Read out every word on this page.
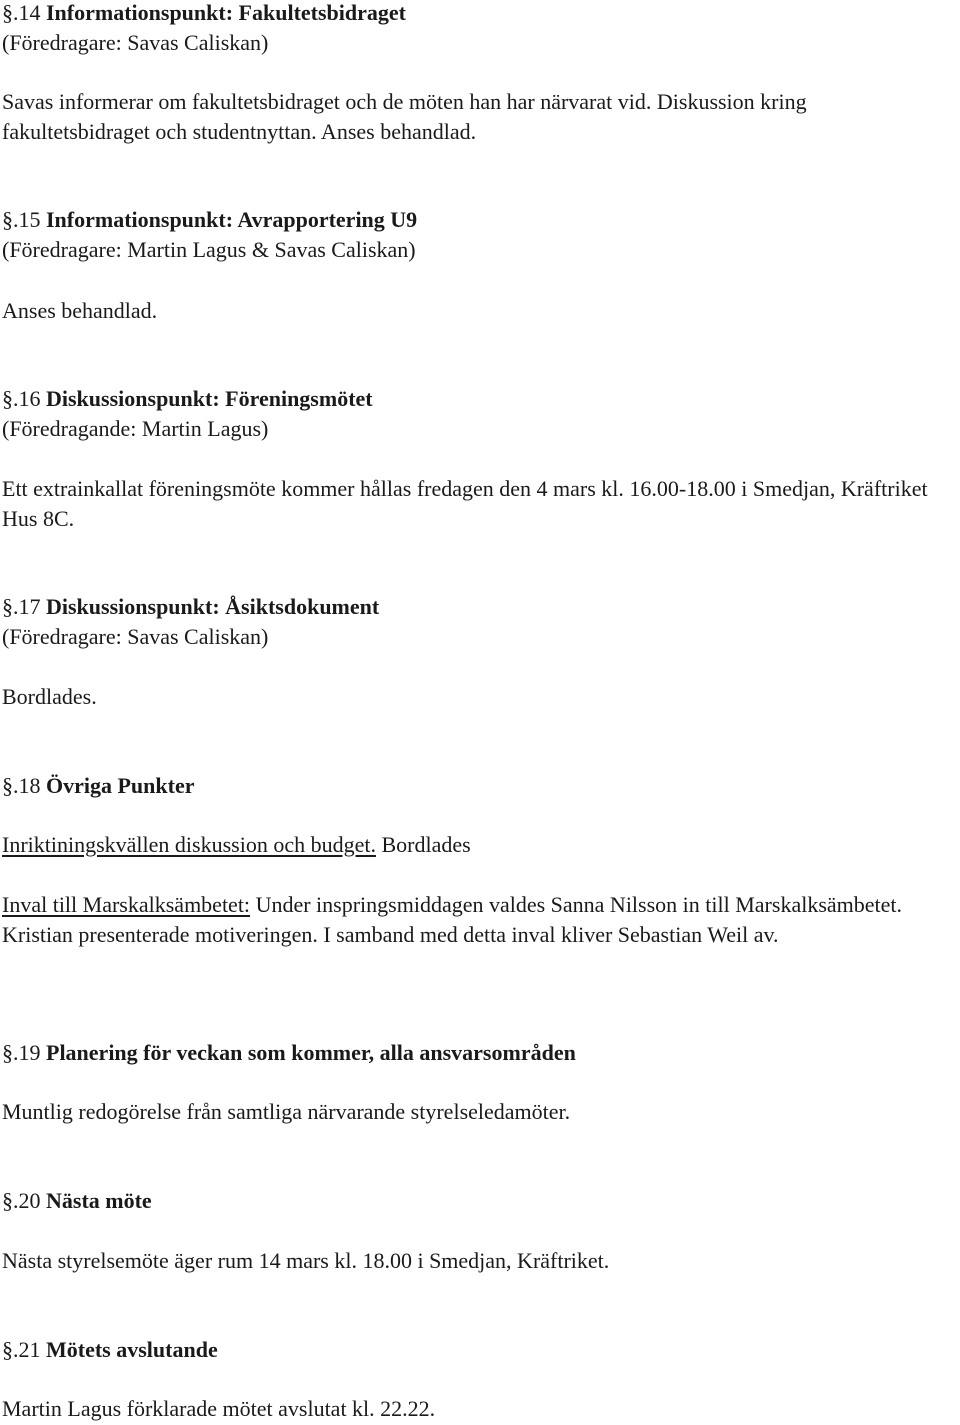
§.14 Informationspunkt: Fakultetsbidraget
(Föredragare: Savas Caliskan)

Savas informerar om fakultetsbidraget och de möten han har närvarat vid. Diskussion kring fakultetsbidraget och studentnyttan. Anses behandlad.

§.15 Informationspunkt: Avrapportering U9
(Föredragare: Martin Lagus & Savas Caliskan)

Anses behandlad.

§.16 Diskussionspunkt: Föreningsmötet
(Föredragande: Martin Lagus)

Ett extrainkallat föreningsmöte kommer hållas fredagen den 4 mars kl. 16.00-18.00 i Smedjan, Kräftriket Hus 8C.

§.17 Diskussionspunkt: Åsiktsdokument
(Föredragare: Savas Caliskan)

Bordlades.

§.18 Övriga Punkter

Inriktiningskvällen diskussion och budget. Bordlades

Inval till Marskalksämbetet: Under inspringsmiddagen valdes Sanna Nilsson in till Marskalksämbetet. Kristian presenterade motiveringen. I samband med detta inval kliver Sebastian Weil av.

§.19 Planering för veckan som kommer, alla ansvarsområden

Muntlig redogörelse från samtliga närvarande styrelseledamöter.

§.20 Nästa möte

Nästa styrelsemöte äger rum 14 mars kl. 18.00 i Smedjan, Kräftriket.

§.21 Mötets avslutande

Martin Lagus förklarade mötet avslutat kl. 22.22.
